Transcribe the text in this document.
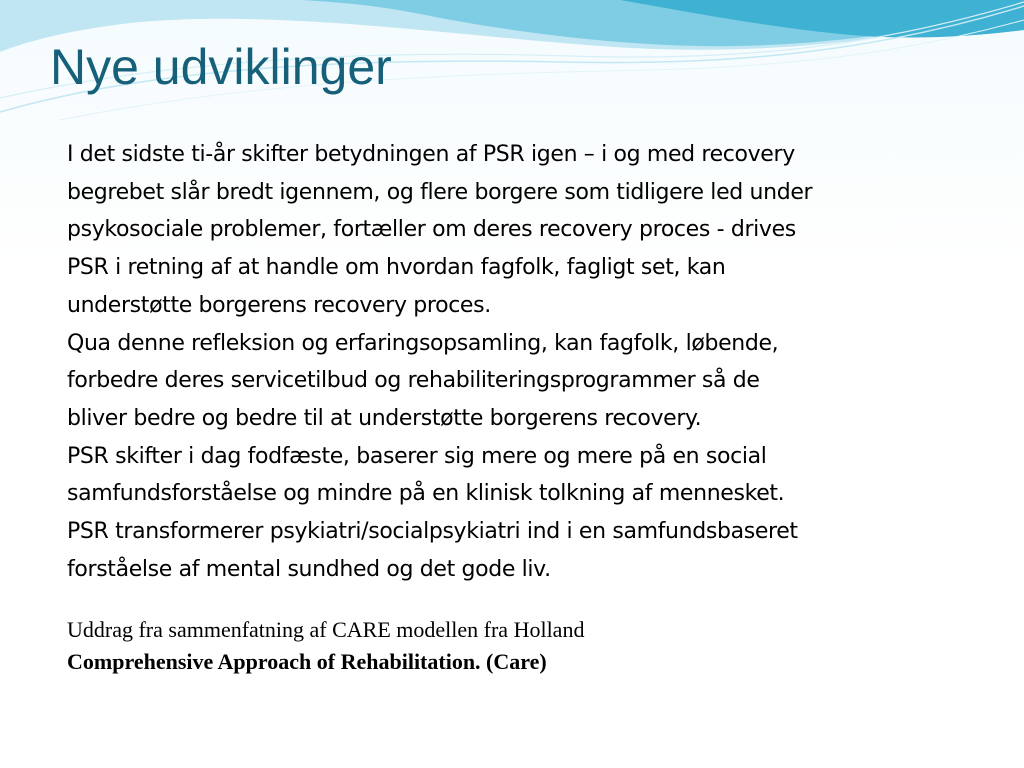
Nye udviklinger

I det sidste ti-år skifter betydningen af PSR igen – i og med recovery

begrebet slår bredt igennem, og flere borgere som tidligere led under

psykosociale problemer, fortæller om deres recovery proces - drives

PSR i retning af at handle om hvordan fagfolk, fagligt set, kan

understøtte borgerens recovery proces.

Qua denne refleksion og erfaringsopsamling, kan fagfolk, løbende,

forbedre deres servicetilbud og rehabiliteringsprogrammer så de

bliver bedre og bedre til at understøtte borgerens recovery.

PSR skifter i dag fodfæste, baserer sig mere og mere på en social

samfundsforståelse og mindre på en klinisk tolkning af mennesket.

PSR transformerer psykiatri/socialpsykiatri ind i en samfundsbaseret

forståelse af mental sundhed og det gode liv.

Uddrag fra sammenfatning af CARE modellen fra Holland

Comprehensive Approach of Rehabilitation. (Care)
